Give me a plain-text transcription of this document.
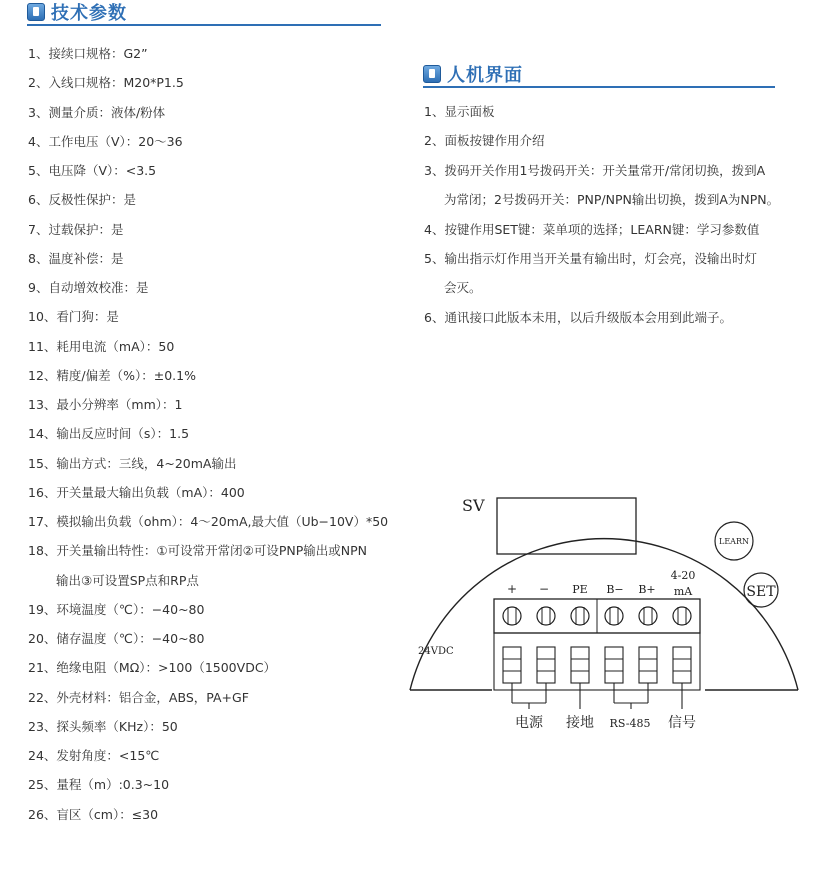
技术参数
1、接续口规格：G2”
2、入线口规格：M20*P1.5
3、测量介质：液体/粉体
4、工作电压（V）：20～36
5、电压降（V）：<3.5
6、反极性保护：是
7、过载保护：是
8、温度补偿：是
9、自动增效校准：是
10、看门狗：是
11、耗用电流（mA）：50
12、精度/偏差（%）：±0.1%
13、最小分辨率（mm）：1
14、输出反应时间（s）：1.5
15、输出方式：三线，4~20mA输出
16、开关量最大输出负载（mA）：400
17、模拟输出负载（ohm）：4～20mA,最大值（Ub−10V）*50
18、开关量输出特性：①可设常开常闭②可设PNP输出或NPN
输出③可设置SP点和RP点
19、环境温度（℃）：−40~80
20、储存温度（℃）：−40~80
21、绝缘电阻（MΩ）：>100（1500VDC）
22、外壳材料：铝合金，ABS，PA+GF
23、探头频率（KHz）：50
24、发射角度：<15℃
25、量程（m）:0.3~10
26、盲区（cm）：≤30
人机界面
1、显示面板
2、面板按键作用介绍
3、拨码开关作用1号拨码开关：开关量常开/常闭切换，拨到A
为常闭；2号拨码开关：PNP/NPN输出切换，拨到A为NPN。
4、按键作用SET键：菜单项的选择；LEARN键：学习参数值
5、输出指示灯作用当开关量有输出时，灯会亮，没输出时灯
会灭。
6、通讯接口此版本未用，以后升级版本会用到此端子。
SV
LEARN
SET
24VDC
+ − PE B− B+
4-20
mA
电源 接地 RS-485 信号
